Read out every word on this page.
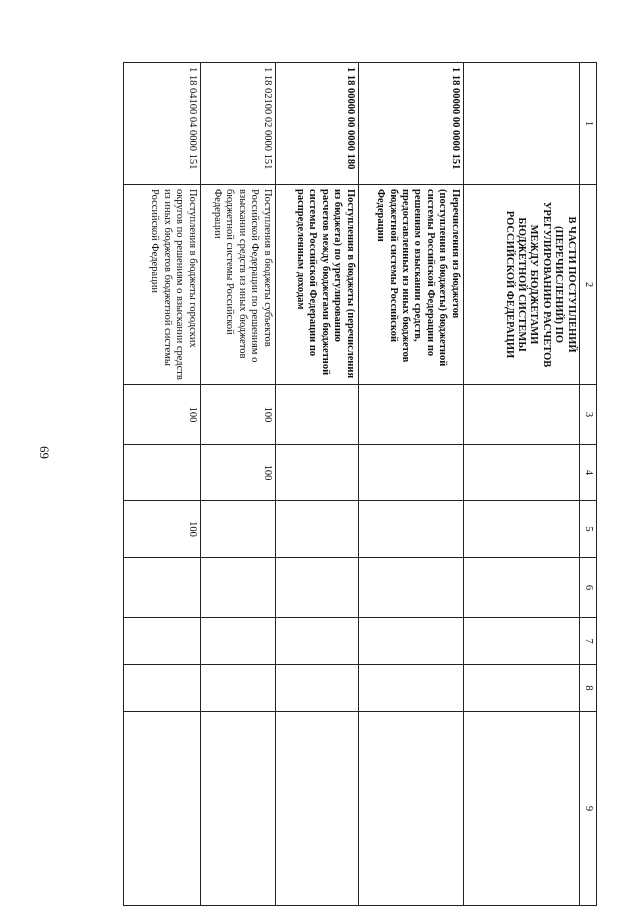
69
1	2	3	4	5	6	7	8	9
	В ЧАСТИ ПОСТУПЛЕНИЙ (ПЕРЕЧИСЛЕНИЙ) ПО УРЕГУЛИРОВАНИЮ РАСЧЕТОВ МЕЖДУ БЮДЖЕТАМИ БЮДЖЕТНОЙ СИСТЕМЫ РОССИЙСКОЙ ФЕДЕРАЦИИ							
1 18 00000 00 0000 151	Перечисления из бюджетов (поступления в бюджеты) бюджетной системы Российской Федерации по решениям о взыскании средств, предоставленных из иных бюджетов бюджетной системы Российской Федерации							
1 18 00000 00 0000 180	Поступления в бюджеты (перечисления из бюджета) по урегулированию расчетов между бюджетами бюджетной системы Российской Федерации по распределенным доходам							
1 18 02100 02 0000 151	Поступления в бюджеты субъектов Российской Федерации по решениям о взыскании средств из иных бюджетов бюджетной системы Российской Федерации	100	100					
1 18 04100 04 0000 151	Поступления в бюджеты городских округов по решениям о взыскании средств из иных бюджетов бюджетной системы Российской Федерации	100		100				
